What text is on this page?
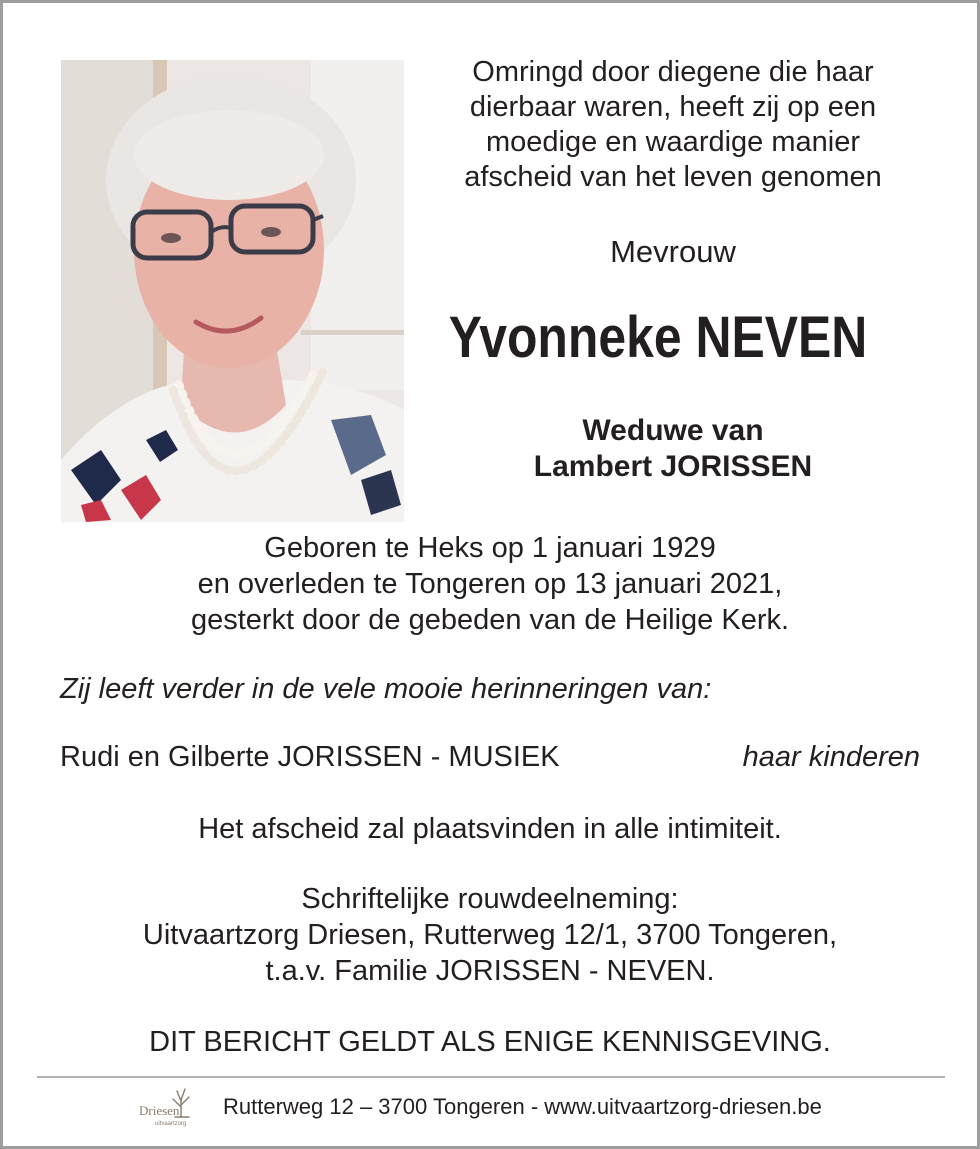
Omringd door diegene die haar
dierbaar waren, heeft zij op een
moedige en waardige manier
afscheid van het leven genomen
Mevrouw
Yvonneke NEVEN
Weduwe van
Lambert JORISSEN
Geboren te Heks op 1 januari 1929
en overleden te Tongeren op 13 januari 2021,
gesterkt door de gebeden van de Heilige Kerk.
Zij leeft verder in de vele mooie herinneringen van:
Rudi en Gilberte JORISSEN - MUSIEK	haar kinderen
Het afscheid zal plaatsvinden in alle intimiteit.
Schriftelijke rouwdeelneming:
Uitvaartzorg Driesen, Rutterweg 12/1, 3700 Tongeren,
t.a.v. Familie JORISSEN - NEVEN.
DIT BERICHT GELDT ALS ENIGE KENNISGEVING.
Driesen
uitvaartzorg
Rutterweg 12 – 3700 Tongeren - www.uitvaartzorg-driesen.be
